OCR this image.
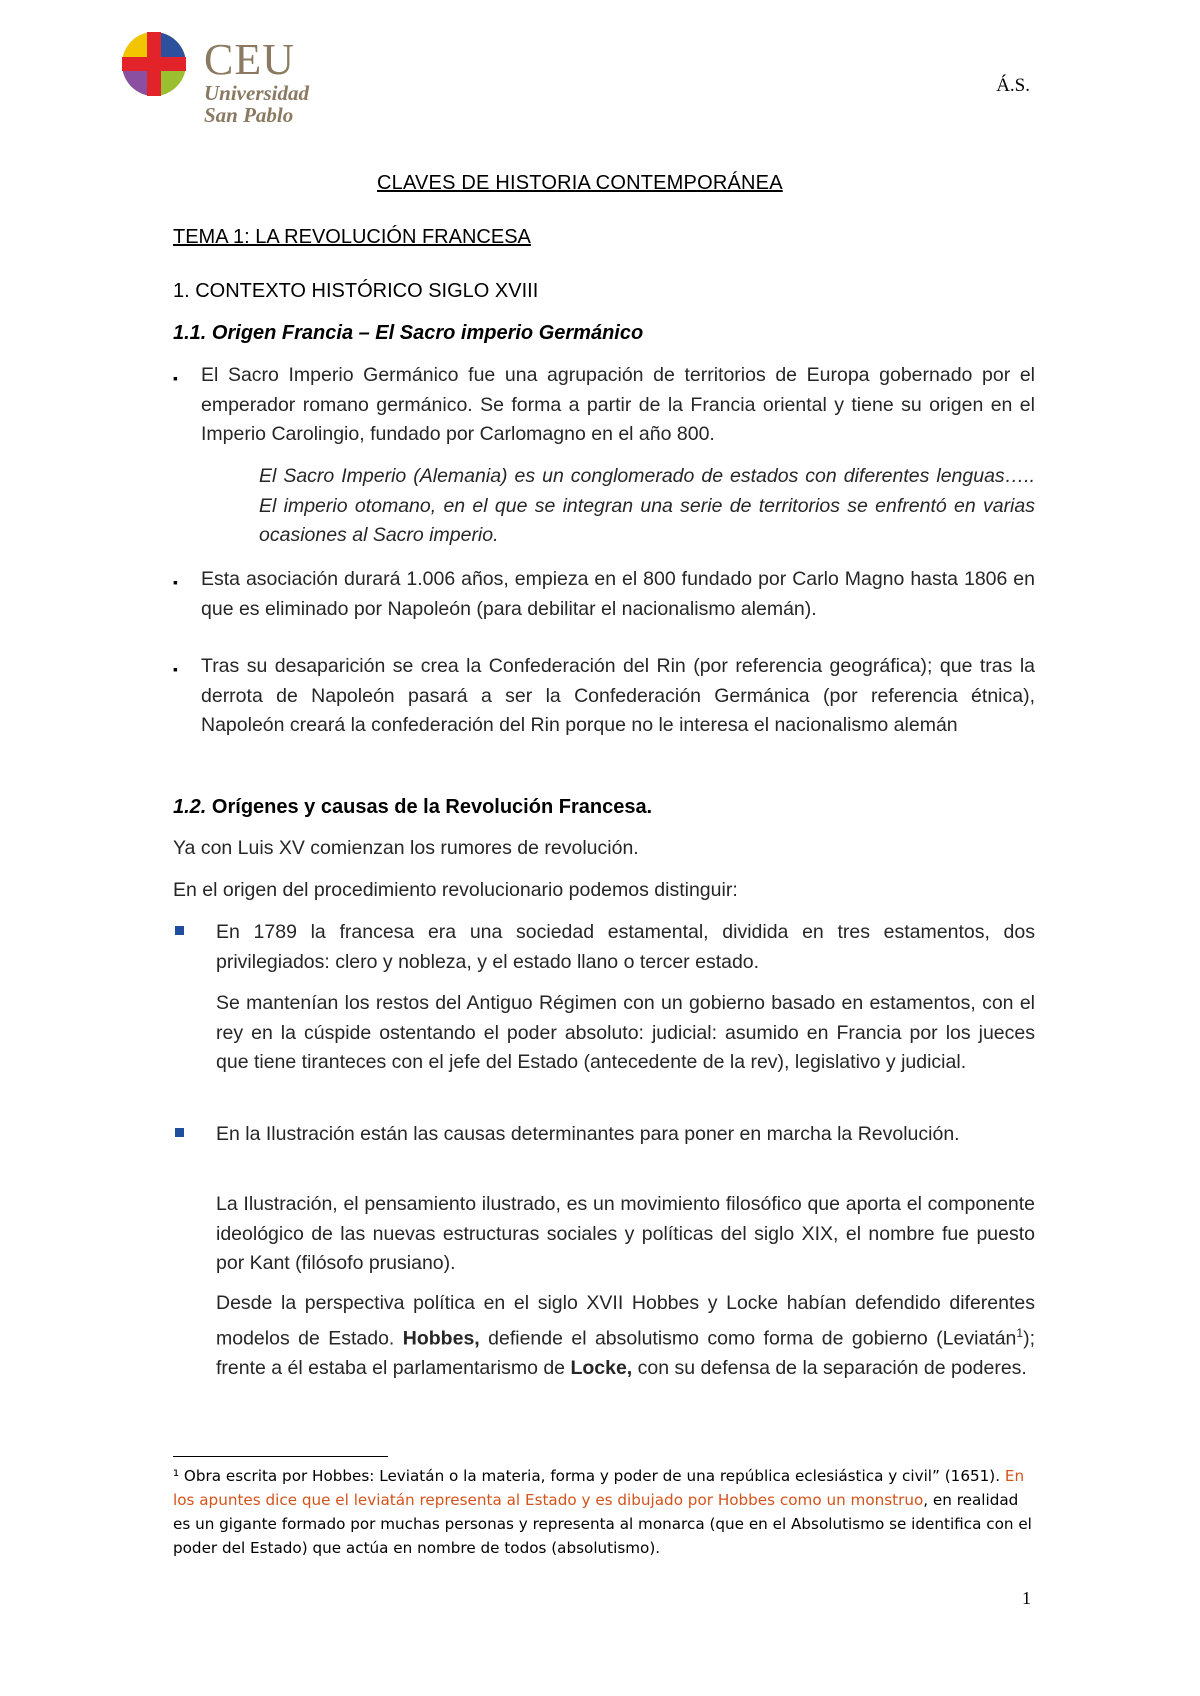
CEU
Universidad
San Pablo
Á.S.
CLAVES DE HISTORIA CONTEMPORÁNEA
TEMA 1: LA REVOLUCIÓN FRANCESA
1. CONTEXTO HISTÓRICO SIGLO XVIII
1.1. Origen Francia – El Sacro imperio Germánico
▪ El Sacro Imperio Germánico fue una agrupación de territorios de Europa gobernado por el emperador romano germánico. Se forma a partir de la Francia oriental y tiene su origen en el Imperio Carolingio, fundado por Carlomagno en el año 800.
El Sacro Imperio (Alemania) es un conglomerado de estados con diferentes lenguas….. El imperio otomano, en el que se integran una serie de territorios se enfrentó en varias ocasiones al Sacro imperio.
▪ Esta asociación durará 1.006 años, empieza en el 800 fundado por Carlo Magno hasta 1806 en que es eliminado por Napoleón (para debilitar el nacionalismo alemán).
▪ Tras su desaparición se crea la Confederación del Rin (por referencia geográfica); que tras la derrota de Napoleón pasará a ser la Confederación Germánica (por referencia étnica), Napoleón creará la confederación del Rin porque no le interesa el nacionalismo alemán
1.2. Orígenes y causas de la Revolución Francesa.
Ya con Luis XV comienzan los rumores de revolución.
En el origen del procedimiento revolucionario podemos distinguir:
En 1789 la francesa era una sociedad estamental, dividida en tres estamentos, dos privilegiados: clero y nobleza, y el estado llano o tercer estado.
Se mantenían los restos del Antiguo Régimen con un gobierno basado en estamentos, con el rey en la cúspide ostentando el poder absoluto: judicial: asumido en Francia por los jueces que tiene tiranteces con el jefe del Estado (antecedente de la rev), legislativo y judicial.
En la Ilustración están las causas determinantes para poner en marcha la Revolución.
La Ilustración, el pensamiento ilustrado, es un movimiento filosófico que aporta el componente ideológico de las nuevas estructuras sociales y políticas del siglo XIX, el nombre fue puesto por Kant (filósofo prusiano).
Desde la perspectiva política en el siglo XVII Hobbes y Locke habían defendido diferentes modelos de Estado. Hobbes, defiende el absolutismo como forma de gobierno (Leviatán$^1$); frente a él estaba el parlamentarismo de Locke, con su defensa de la separación de poderes.
¹ Obra escrita por Hobbes: Leviatán o la materia, forma y poder de una república eclesiástica y civil” (1651). En los apuntes dice que el leviatán representa al Estado y es dibujado por Hobbes como un monstruo, en realidad es un gigante formado por muchas personas y representa al monarca (que en el Absolutismo se identifica con el poder del Estado) que actúa en nombre de todos (absolutismo).
1
